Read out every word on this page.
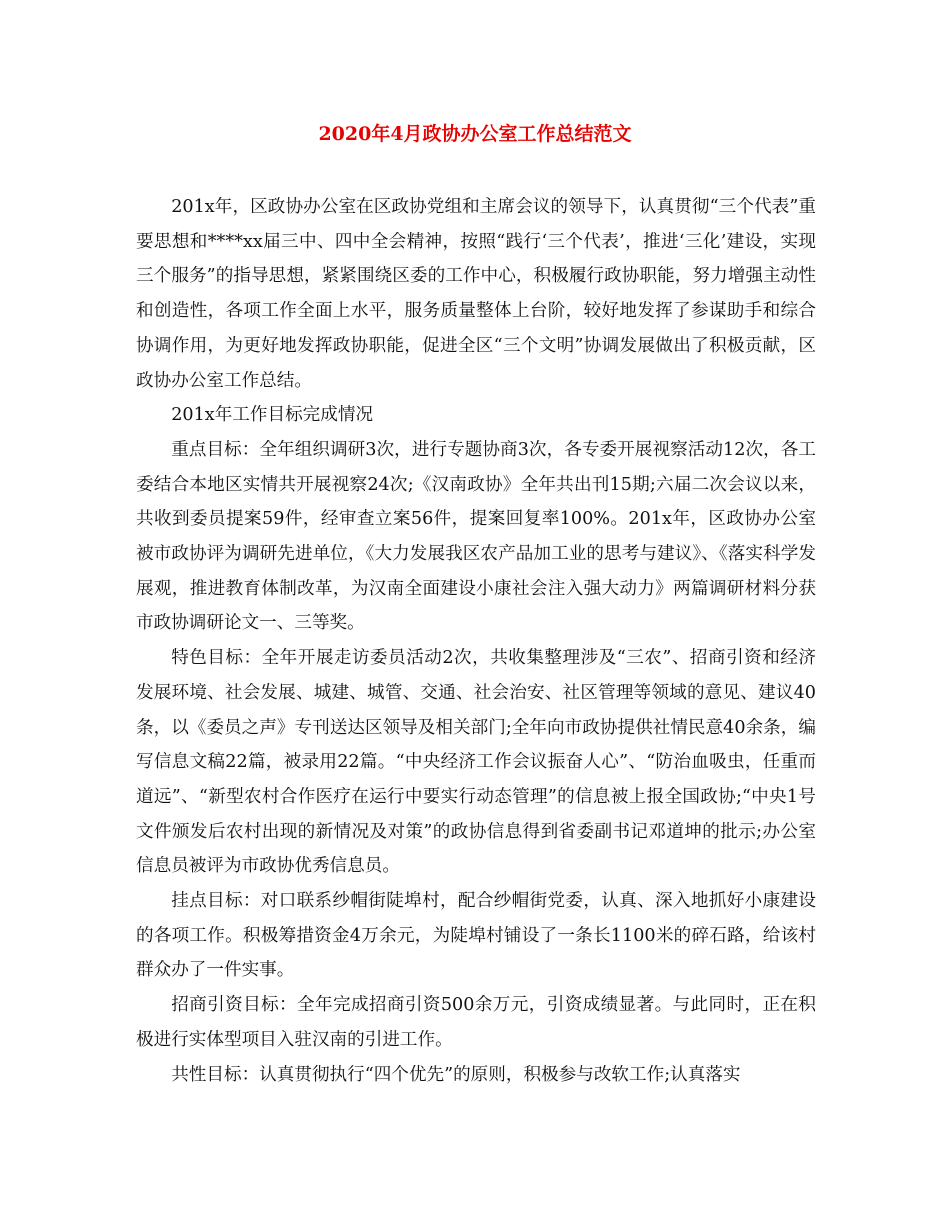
2020年4月政协办公室工作总结范文

201x年，区政协办公室在区政协党组和主席会议的领导下，认真贯彻“三个代表”重要思想和****xx届三中、四中全会精神，按照“践行‘三个代表’，推进‘三化’建设，实现三个服务”的指导思想，紧紧围绕区委的工作中心，积极履行政协职能，努力增强主动性和创造性，各项工作全面上水平，服务质量整体上台阶，较好地发挥了参谋助手和综合协调作用，为更好地发挥政协职能，促进全区“三个文明”协调发展做出了积极贡献，区政协办公室工作总结。

201x年工作目标完成情况

重点目标：全年组织调研3次，进行专题协商3次，各专委开展视察活动12次，各工委结合本地区实情共开展视察24次;《汉南政协》全年共出刊15期;六届二次会议以来，共收到委员提案59件，经审查立案56件，提案回复率100%。201x年，区政协办公室被市政协评为调研先进单位，《大力发展我区农产品加工业的思考与建议》、《落实科学发展观，推进教育体制改革，为汉南全面建设小康社会注入强大动力》两篇调研材料分获市政协调研论文一、三等奖。

特色目标：全年开展走访委员活动2次，共收集整理涉及“三农”、招商引资和经济发展环境、社会发展、城建、城管、交通、社会治安、社区管理等领域的意见、建议40条，以《委员之声》专刊送达区领导及相关部门;全年向市政协提供社情民意40余条，编写信息文稿22篇，被录用22篇。“中央经济工作会议振奋人心”、“防治血吸虫，任重而道远”、“新型农村合作医疗在运行中要实行动态管理”的信息被上报全国政协;“中央1号文件颁发后农村出现的新情况及对策”的政协信息得到省委副书记邓道坤的批示;办公室信息员被评为市政协优秀信息员。

挂点目标：对口联系纱帽街陡埠村，配合纱帽街党委，认真、深入地抓好小康建设的各项工作。积极筹措资金4万余元，为陡埠村铺设了一条长1100米的碎石路，给该村群众办了一件实事。

招商引资目标：全年完成招商引资500余万元，引资成绩显著。与此同时，正在积极进行实体型项目入驻汉南的引进工作。

共性目标：认真贯彻执行“四个优先”的原则，积极参与改软工作;认真落实
